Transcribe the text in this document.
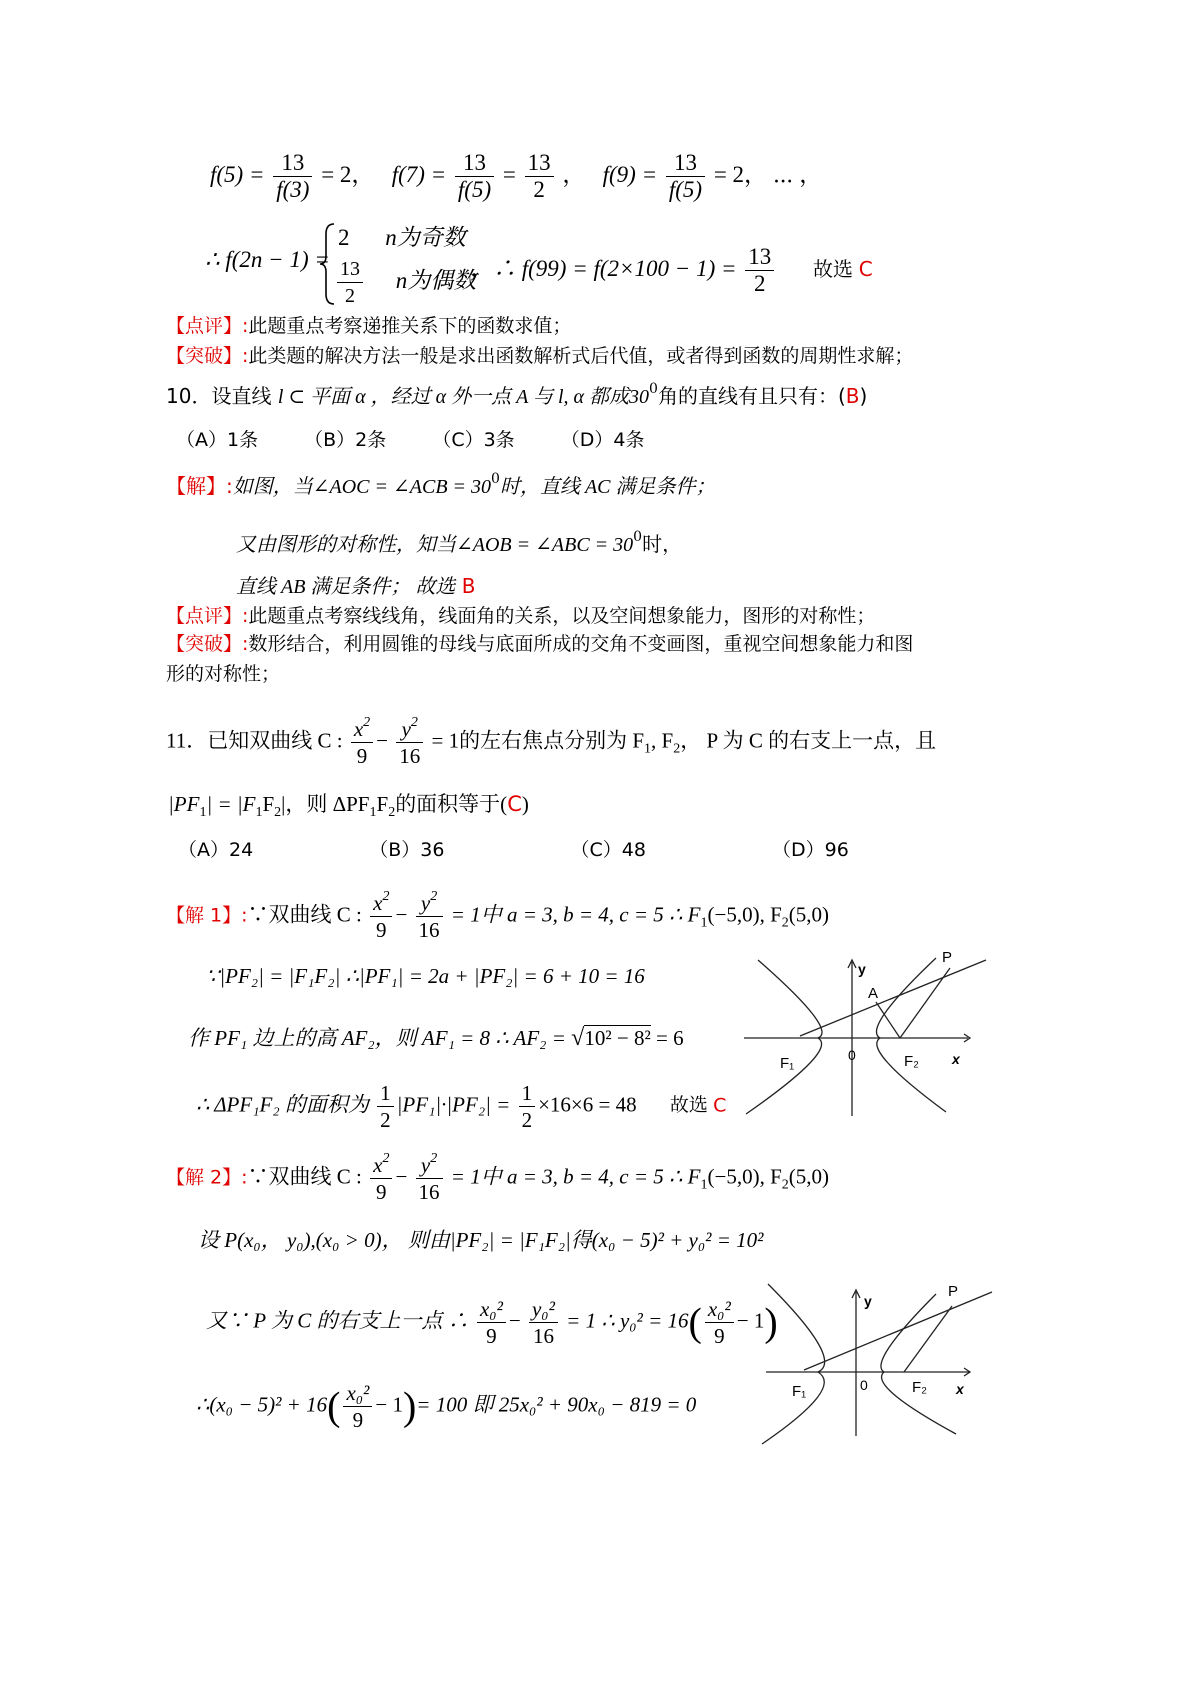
$f(5) = \frac{13}{f(3)} = 2$， $f(7) = \frac{13}{f(5)} = \frac{13}{2}$ ， $f(9) = \frac{13}{f(5)} = 2$， ⋯ ，
∴ f(2n − 1) =
2 n为奇数
$\frac{13}{2}$ n为偶数
，∴ $f(99) = f(2\times 100 - 1) = \frac{13}{2}$ 故选 C
【点评】:此题重点考察递推关系下的函数求值；
【突破】:此类题的解决方法一般是求出函数解析式后代值，或者得到函数的周期性求解；
10．设直线 l ⊂ 平面 α ，经过 α 外一点 A 与 l, α 都成$30^0$角的直线有且只有：(B)
（A）1条 （B）2条 （C）3条 （D）4条
【解】:如图，当∠AOC = ∠ACB = $30^0$时，直线 AC 满足条件；
又由图形的对称性，知当∠AOB = ∠ABC = $30^0$时，
直线 AB 满足条件； 故选 B
【点评】:此题重点考察线线角，线面角的关系，以及空间想象能力，图形的对称性；
【突破】:数形结合，利用圆锥的母线与底面所成的交角不变画图，重视空间想象能力和图
形的对称性；
11．已知双曲线 C : $\frac{x^2}{9} - \frac{y^2}{16} = 1$的左右焦点分别为 $F_1$, $F_2$， P 为 C 的右支上一点，且
$|PF_1| = |F_1F_2|$，则 $\Delta PF_1F_2$的面积等于(C)
（A）24	（B）36	（C）48	（D）96
【解 1】:∵双曲线 C : $\frac{x^2}{9} - \frac{y^2}{16} = 1$中 a = 3, b = 4, c = 5 ∴ $F_1(-5,0)$, $F_2(5,0)$
∵|PF₂| = |F₁F₂| ∴|PF₁| = 2a + |PF₂| = 6 + 10 = 16
作 PF₁ 边上的高 AF₂，则 AF₁ = 8 ∴ AF₂ = √10² − 8² = 6
∴ ΔPF₁F₂ 的面积为 $\frac{1}{2} |PF_1|\cdot|PF_2| = \frac{1}{2} \times 16\times 6 = 48$ 故选 C
y
P
A
F₁	0	F₂ x
【解 2】:∵双曲线 C : $\frac{x^2}{9} - \frac{y^2}{16} = 1$中 a = 3, b = 4, c = 5 ∴ $F_1(-5,0)$, $F_2(5,0)$
设 P(x₀， y₀),(x₀ > 0)， 则由|PF₂| = |F₁F₂|得(x₀ − 5)² + y₀² = 10²
又∵ P 为 C 的右支上一点 ∴ $\frac{\text{x₀²}}{9} - \frac{\text{y₀²}}{16} = 1$ ∴ $y_0^2 = 16( \frac{\text{x₀²}}{9} - 1)$
∴(x₀ − $5)^2 + 16( \frac{\text{x₀²}}{9} - 1)= 100$ 即 25x₀² + 90x₀ − 819 = 0
y
P
F₁	0	F₂ x
